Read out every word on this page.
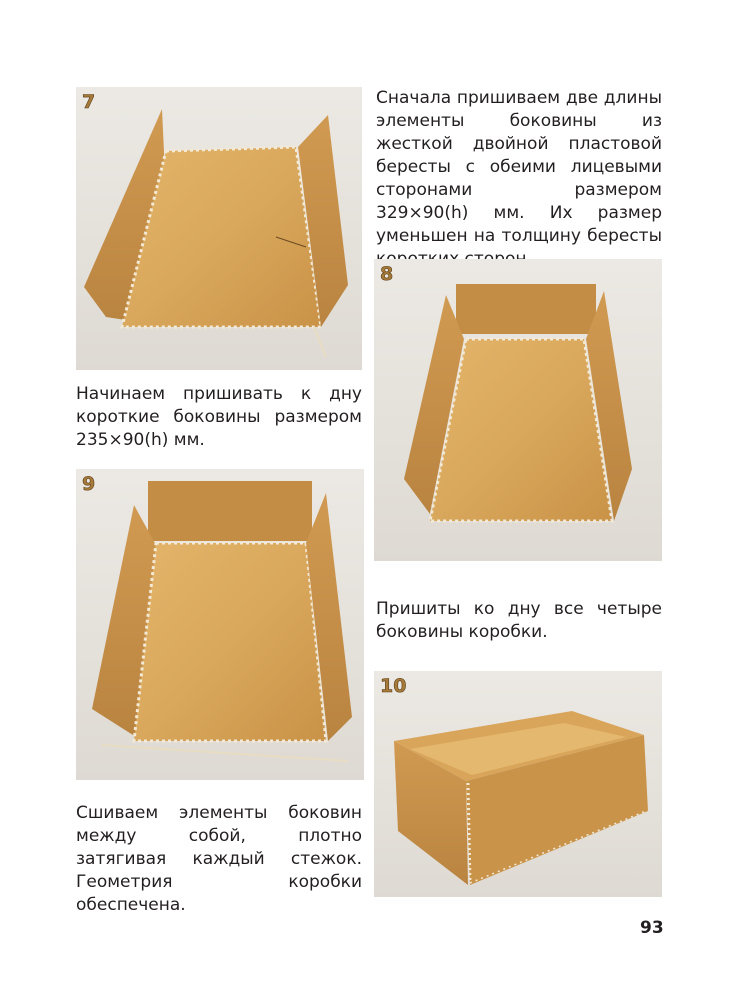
7	Сначала пришиваем две длины элементы боковины из жесткой двойной пластовой бересты с обеими лицевыми сторонами размером 329×90(h) мм. Их размер уменьшен на толщину бересты

Начинаем пришивать к дну короткие боковины размером 235×90(h) мм.

8
9

Пришиты ко дну все четыре боковины коробки.

10

Сшиваем элементы боковин между собой, плотно затягивая каждый стежок. Геометрия коробки обеспечена.

93
